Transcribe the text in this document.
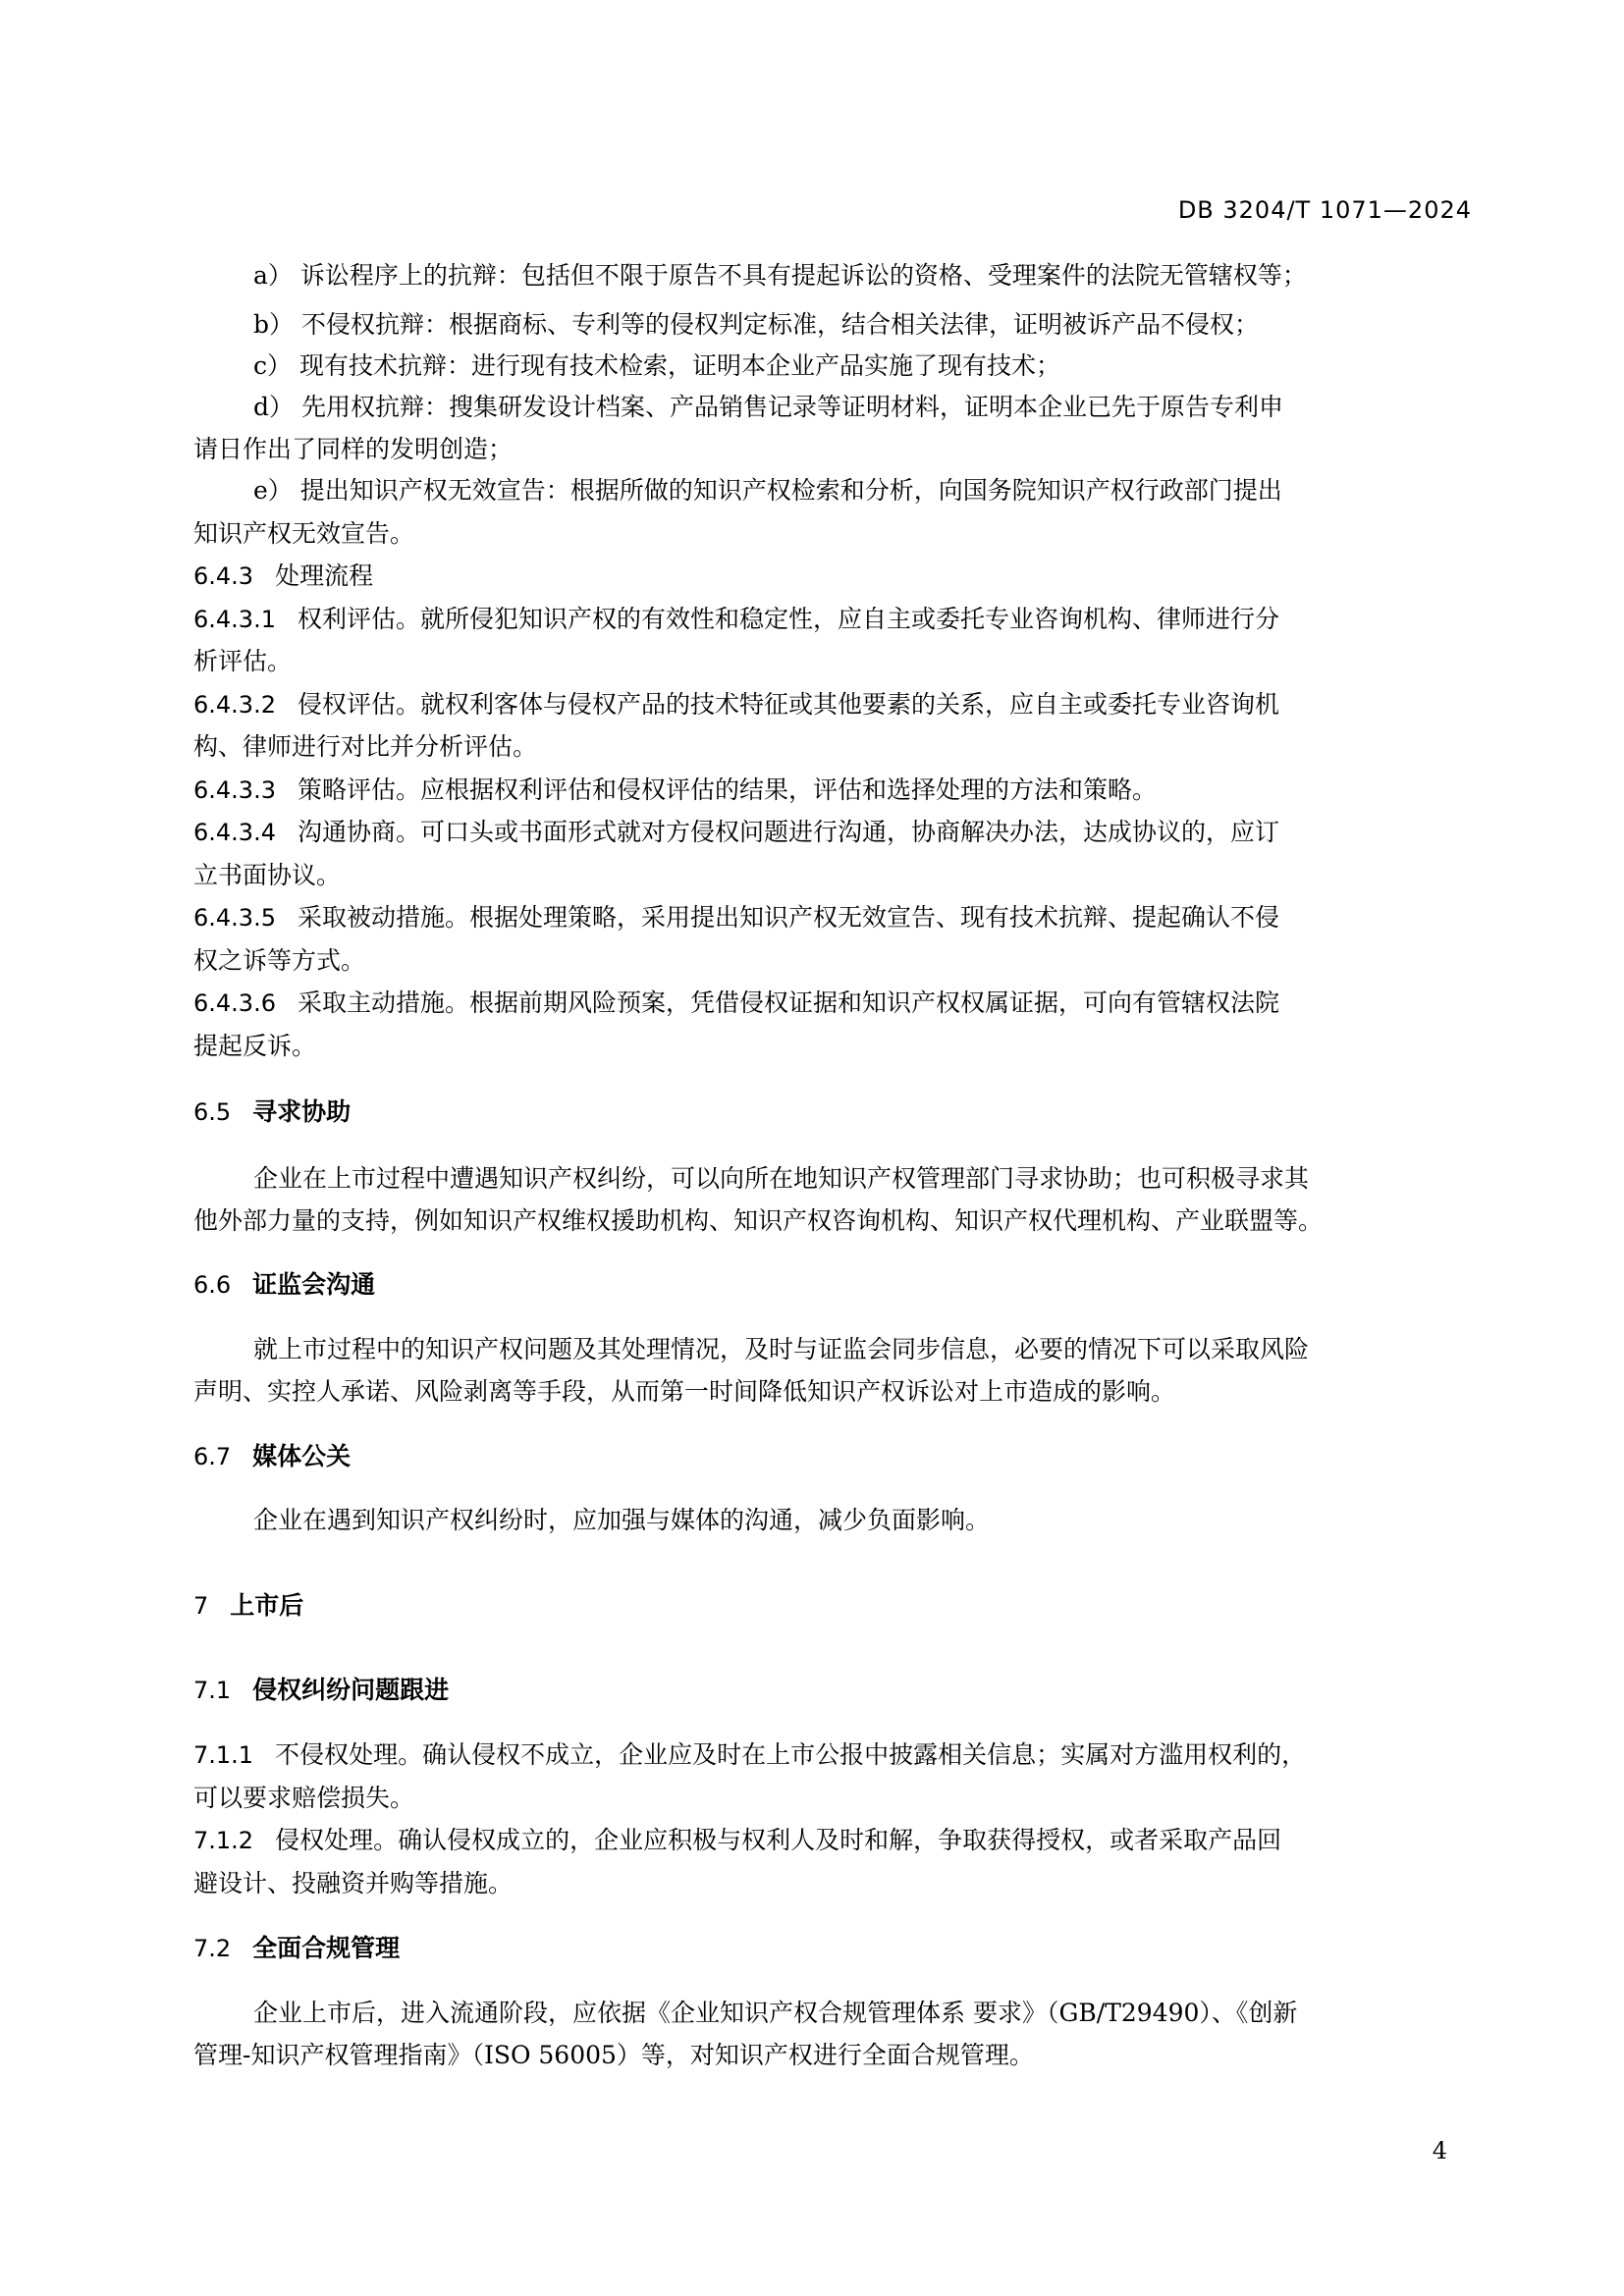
DB 3204/T 1071—2024
a） 诉讼程序上的抗辩：包括但不限于原告不具有提起诉讼的资格、受理案件的法院无管辖权等；
b） 不侵权抗辩：根据商标、专利等的侵权判定标准，结合相关法律，证明被诉产品不侵权；
c） 现有技术抗辩：进行现有技术检索，证明本企业产品实施了现有技术；
d） 先用权抗辩：搜集研发设计档案、产品销售记录等证明材料，证明本企业已先于原告专利申
请日作出了同样的发明创造；
e） 提出知识产权无效宣告：根据所做的知识产权检索和分析，向国务院知识产权行政部门提出
知识产权无效宣告。
6.4.3 处理流程
6.4.3.1 权利评估。就所侵犯知识产权的有效性和稳定性，应自主或委托专业咨询机构、律师进行分
析评估。
6.4.3.2 侵权评估。就权利客体与侵权产品的技术特征或其他要素的关系，应自主或委托专业咨询机
构、律师进行对比并分析评估。
6.4.3.3 策略评估。应根据权利评估和侵权评估的结果，评估和选择处理的方法和策略。
6.4.3.4 沟通协商。可口头或书面形式就对方侵权问题进行沟通，协商解决办法，达成协议的，应订
立书面协议。
6.4.3.5 采取被动措施。根据处理策略，采用提出知识产权无效宣告、现有技术抗辩、提起确认不侵
权之诉等方式。
6.4.3.6 采取主动措施。根据前期风险预案，凭借侵权证据和知识产权权属证据，可向有管辖权法院
提起反诉。
6.5 寻求协助
企业在上市过程中遭遇知识产权纠纷，可以向所在地知识产权管理部门寻求协助；也可积极寻求其
他外部力量的支持，例如知识产权维权援助机构、知识产权咨询机构、知识产权代理机构、产业联盟等。
6.6 证监会沟通
就上市过程中的知识产权问题及其处理情况，及时与证监会同步信息，必要的情况下可以采取风险
声明、实控人承诺、风险剥离等手段，从而第一时间降低知识产权诉讼对上市造成的影响。
6.7 媒体公关
企业在遇到知识产权纠纷时，应加强与媒体的沟通，减少负面影响。
7 上市后
7.1 侵权纠纷问题跟进
7.1.1 不侵权处理。确认侵权不成立，企业应及时在上市公报中披露相关信息；实属对方滥用权利的，
可以要求赔偿损失。
7.1.2 侵权处理。确认侵权成立的，企业应积极与权利人及时和解，争取获得授权，或者采取产品回
避设计、投融资并购等措施。
7.2 全面合规管理
企业上市后，进入流通阶段，应依据《企业知识产权合规管理体系 要求》（GB/T29490）、《创新
管理-知识产权管理指南》（ISO 56005）等，对知识产权进行全面合规管理。
4
